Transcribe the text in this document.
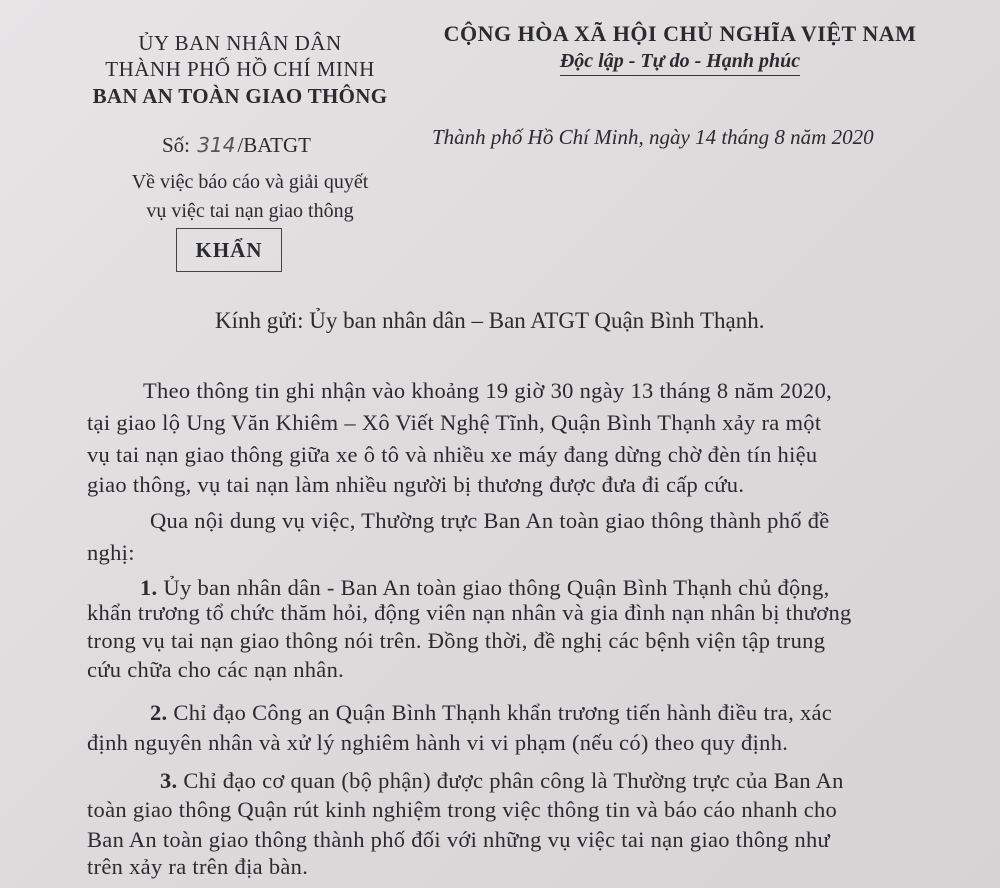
ỦY BAN NHÂN DÂN
THÀNH PHỐ HỒ CHÍ MINH
BAN AN TOÀN GIAO THÔNG
CỘNG HÒA XÃ HỘI CHỦ NGHĨA VIỆT NAM
Độc lập - Tự do - Hạnh phúc
Số: 314/BATGT	Thành phố Hồ Chí Minh, ngày 14 tháng 8 năm 2020
Về việc báo cáo và giải quyết
vụ việc tai nạn giao thông
KHẨN
Kính gửi: Ủy ban nhân dân – Ban ATGT Quận Bình Thạnh.
Theo thông tin ghi nhận vào khoảng 19 giờ 30 ngày 13 tháng 8 năm 2020,
tại giao lộ Ung Văn Khiêm – Xô Viết Nghệ Tĩnh, Quận Bình Thạnh xảy ra một
vụ tai nạn giao thông giữa xe ô tô và nhiều xe máy đang dừng chờ đèn tín hiệu
giao thông, vụ tai nạn làm nhiều người bị thương được đưa đi cấp cứu.
Qua nội dung vụ việc, Thường trực Ban An toàn giao thông thành phố đề
nghị:
1. Ủy ban nhân dân - Ban An toàn giao thông Quận Bình Thạnh chủ động,
khẩn trương tổ chức thăm hỏi, động viên nạn nhân và gia đình nạn nhân bị thương
trong vụ tai nạn giao thông nói trên. Đồng thời, đề nghị các bệnh viện tập trung
cứu chữa cho các nạn nhân.
2. Chỉ đạo Công an Quận Bình Thạnh khẩn trương tiến hành điều tra, xác
định nguyên nhân và xử lý nghiêm hành vi vi phạm (nếu có) theo quy định.
3. Chỉ đạo cơ quan (bộ phận) được phân công là Thường trực của Ban An
toàn giao thông Quận rút kinh nghiệm trong việc thông tin và báo cáo nhanh cho
Ban An toàn giao thông thành phố đối với những vụ việc tai nạn giao thông như
trên xảy ra trên địa bàn.
